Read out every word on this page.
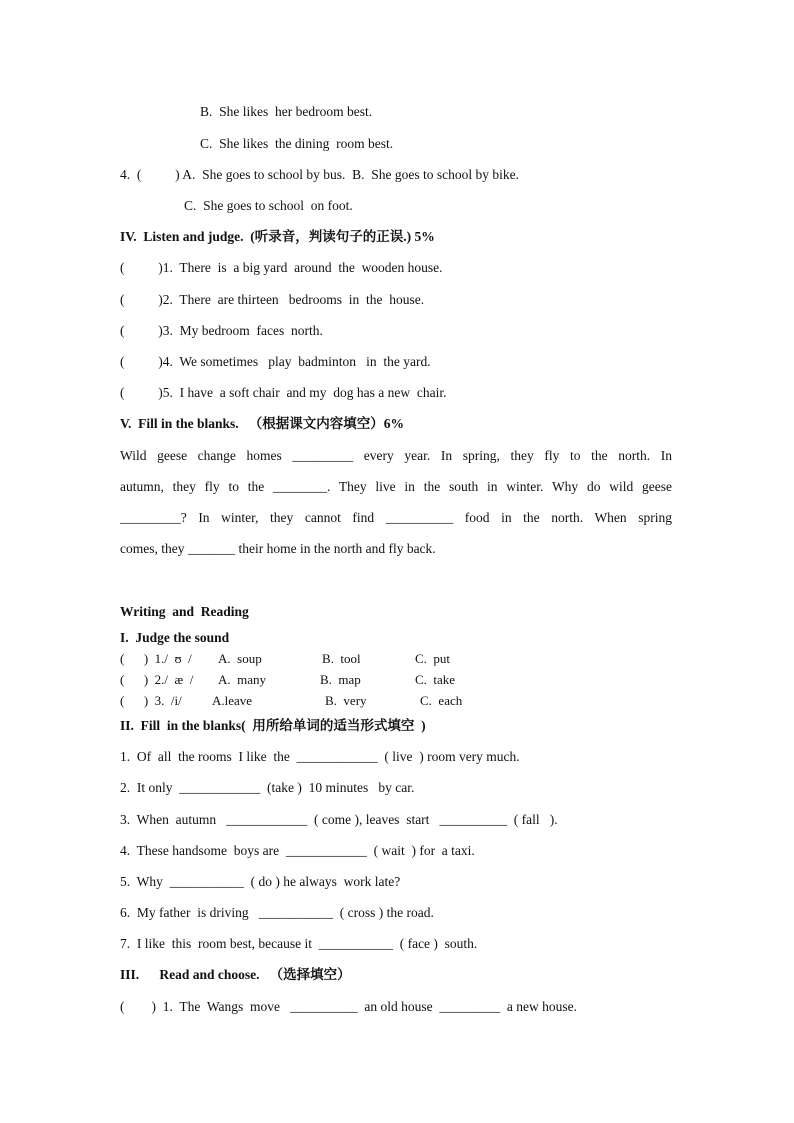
B.  She likes  her bedroom best.
C.  She likes  the dining  room best.
4.  (          ) A.  She goes to school by bus.  B.  She goes to school by bike.
C.  She goes to school  on foot.
IV.  Listen and judge.  (听录音，判读句子的正误.) 5%
(          )1.  There  is  a big yard  around  the  wooden house.
(          )2.  There  are thirteen   bedrooms  in  the  house.
(          )3.  My bedroom  faces  north.
(          )4.  We sometimes   play  badminton   in  the yard.
(          )5.  I have  a soft chair  and my  dog has a new  chair.
V.  Fill in the blanks.   （根据课文内容填空）6%
Wild geese change homes _________ every year. In spring, they fly to the north. In
autumn, they fly to the ________. They live in the south in winter. Why do wild geese
_________? In winter, they cannot find __________ food in the north. When spring
comes, they _______ their home in the north and fly back.
Writing  and  Reading
I.  Judge the sound
(      )  1./  ʊ  / A.  soup	B.  tool	C.  put
(      )  2./  æ  / A.  many	B.  map	C.  take
(      )  3.  /i/ A.leave	B.  very	C.  each
II.  Fill  in the blanks(  用所给单词的适当形式填空  )
1.  Of  all  the rooms  I like  the  ____________  ( live  ) room very much.
2.  It only  ____________  (take )  10 minutes   by car.
3.  When  autumn   ____________  ( come ), leaves  start   __________  ( fall   ).
4.  These handsome  boys are  ____________  ( wait  ) for  a taxi.
5.  Why  ___________  ( do ) he always  work late?
6.  My father  is driving   ___________  ( cross ) the road.
7.  I like  this  room best, because it  ___________  ( face )  south.
III.      Read and choose.   （选择填空）
(        )  1.  The  Wangs  move   __________  an old house  _________  a new house.
